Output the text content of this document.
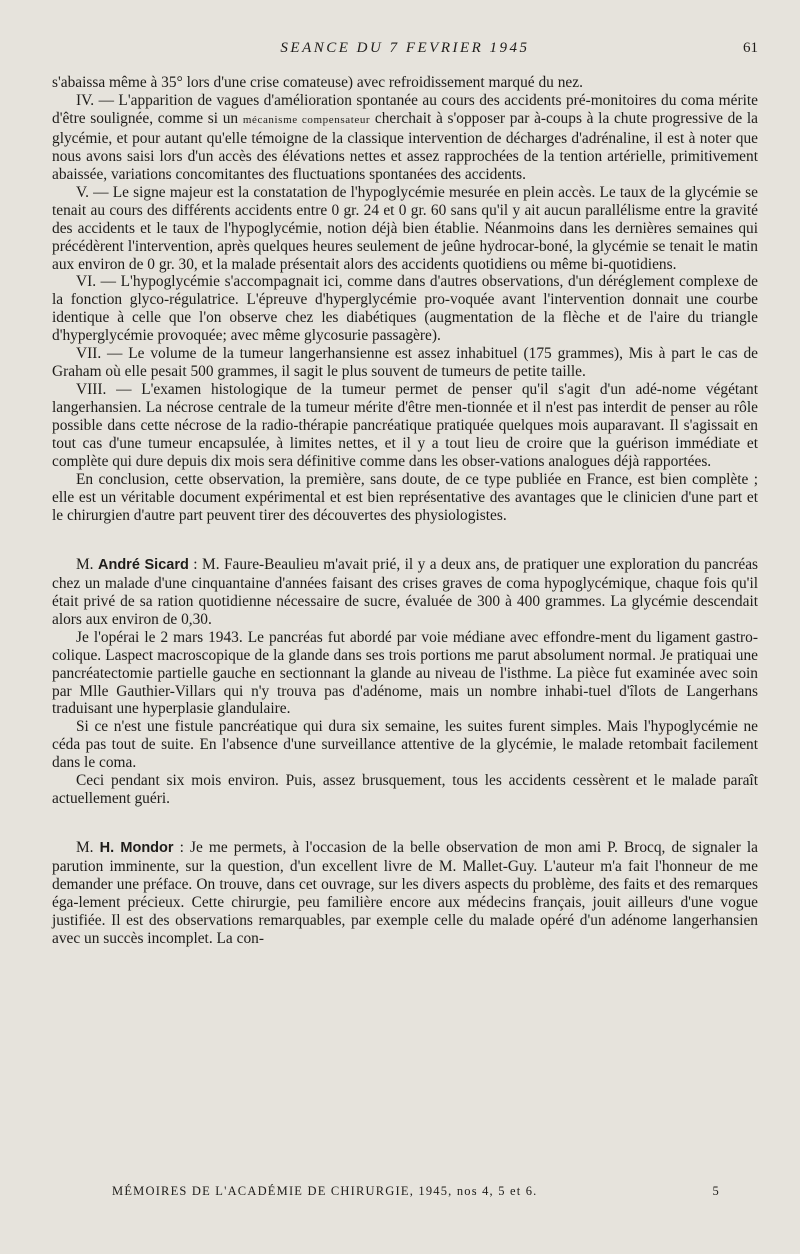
SEANCE DU 7 FEVRIER 1945	61

s'abaissa même à 35° lors d'une crise comateuse) avec refroidissement marqué du nez.

IV. — L'apparition de vagues d'amélioration spontanée au cours des accidents pré-monitoires du coma mérite d'être soulignée, comme si un mécanisme compensateur cherchait à s'opposer par à-coups à la chute progressive de la glycémie, et pour autant qu'elle témoigne de la classique intervention de décharges d'adrénaline, il est à noter que nous avons saisi lors d'un accès des élévations nettes et assez rapprochées de la tention artérielle, primitivement abaissée, variations concomitantes des fluctuations spontanées des accidents.

V. — Le signe majeur est la constatation de l'hypoglycémie mesurée en plein accès. Le taux de la glycémie se tenait au cours des différents accidents entre 0 gr. 24 et 0 gr. 60 sans qu'il y ait aucun parallélisme entre la gravité des accidents et le taux de l'hypoglycémie, notion déjà bien établie. Néanmoins dans les dernières semaines qui précédèrent l'intervention, après quelques heures seulement de jeûne hydrocar-boné, la glycémie se tenait le matin aux environ de 0 gr. 30, et la malade présentait alors des accidents quotidiens ou même bi-quotidiens.

VI. — L'hypoglycémie s'accompagnait ici, comme dans d'autres observations, d'un déréglement complexe de la fonction glyco-régulatrice. L'épreuve d'hyperglycémie pro-voquée avant l'intervention donnait une courbe identique à celle que l'on observe chez les diabétiques (augmentation de la flèche et de l'aire du triangle d'hyperglycémie provoquée; avec même glycosurie passagère).

VII. — Le volume de la tumeur langerhansienne est assez inhabituel (175 grammes), Mis à part le cas de Graham où elle pesait 500 grammes, il sagit le plus souvent de tumeurs de petite taille.

VIII. — L'examen histologique de la tumeur permet de penser qu'il s'agit d'un adé-nome végétant langerhansien. La nécrose centrale de la tumeur mérite d'être men-tionnée et il n'est pas interdit de penser au rôle possible dans cette nécrose de la radio-thérapie pancréatique pratiquée quelques mois auparavant. Il s'agissait en tout cas d'une tumeur encapsulée, à limites nettes, et il y a tout lieu de croire que la guérison immédiate et complète qui dure depuis dix mois sera définitive comme dans les obser-vations analogues déjà rapportées.

En conclusion, cette observation, la première, sans doute, de ce type publiée en France, est bien complète ; elle est un véritable document expérimental et est bien représentative des avantages que le clinicien d'une part et le chirurgien d'autre part peuvent tirer des découvertes des physiologistes.

M. André Sicard : M. Faure-Beaulieu m'avait prié, il y a deux ans, de pratiquer une exploration du pancréas chez un malade d'une cinquantaine d'années faisant des crises graves de coma hypoglycémique, chaque fois qu'il était privé de sa ration quotidienne nécessaire de sucre, évaluée de 300 à 400 grammes. La glycémie descendait alors aux environ de 0,30.

Je l'opérai le 2 mars 1943. Le pancréas fut abordé par voie médiane avec effondre-ment du ligament gastro-colique. Laspect macroscopique de la glande dans ses trois portions me parut absolument normal. Je pratiquai une pancréatectomie partielle gauche en sectionnant la glande au niveau de l'isthme. La pièce fut examinée avec soin par Mlle Gauthier-Villars qui n'y trouva pas d'adénome, mais un nombre inhabi-tuel d'îlots de Langerhans traduisant une hyperplasie glandulaire.

Si ce n'est une fistule pancréatique qui dura six semaine, les suites furent simples. Mais l'hypoglycémie ne céda pas tout de suite. En l'absence d'une surveillance attentive de la glycémie, le malade retombait facilement dans le coma.

Ceci pendant six mois environ. Puis, assez brusquement, tous les accidents cessèrent et le malade paraît actuellement guéri.

M. H. Mondor : Je me permets, à l'occasion de la belle observation de mon ami P. Brocq, de signaler la parution imminente, sur la question, d'un excellent livre de M. Mallet-Guy. L'auteur m'a fait l'honneur de me demander une préface. On trouve, dans cet ouvrage, sur les divers aspects du problème, des faits et des remarques éga-lement précieux. Cette chirurgie, peu familière encore aux médecins français, jouit ailleurs d'une vogue justifiée. Il est des observations remarquables, par exemple celle du malade opéré d'un adénome langerhansien avec un succès incomplet. La con-

MÉMOIRES DE L'ACADÉMIE DE CHIRURGIE, 1945, nos 4, 5 et 6.	5
